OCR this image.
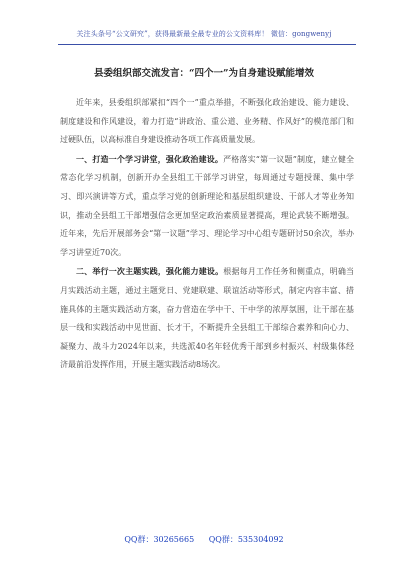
关注头条号“公文研究”，获得最新最全最专业的公文资料库！ 微信：gongwenyj
县委组织部交流发言：“四个一”为自身建设赋能增效

近年来，县委组织部紧扣“四个一”重点举措，不断强化政治建设、能力建设、制度建设和作风建设，着力打造“讲政治、重公道、业务精、作风好”的模范部门和过硬队伍，以高标准自身建设推动各项工作高质量发展。

一、打造一个学习讲堂，强化政治建设。严格落实“第一议题”制度，建立健全常态化学习机制，创新开办全县组工干部学习讲堂，每周通过专题授课、集中学习、即兴演讲等方式，重点学习党的创新理论和基层组织建设、干部人才等业务知识，推动全县组工干部增强信念更加坚定政治素质显著提高，理论武装不断增强。近年来，先后开展部务会“第一议题”学习、理论学习中心组专题研讨50余次，举办学习讲堂近70次。

二、举行一次主题实践，强化能力建设。根据每月工作任务和侧重点，明确当月实践活动主题，通过主题党日、党建联建、联谊活动等形式，制定内容丰富、措施具体的主题实践活动方案，奋力营造在学中干、干中学的浓厚氛围，让干部在基层一线和实践活动中见世面、长才干，不断提升全县组工干部综合素养和向心力、凝聚力、战斗力2024年以来，共选派40名年轻优秀干部到乡村振兴、村级集体经济最前沿发挥作用，开展主题实践活动8场次。

QQ群：30265665 QQ群：535304092
